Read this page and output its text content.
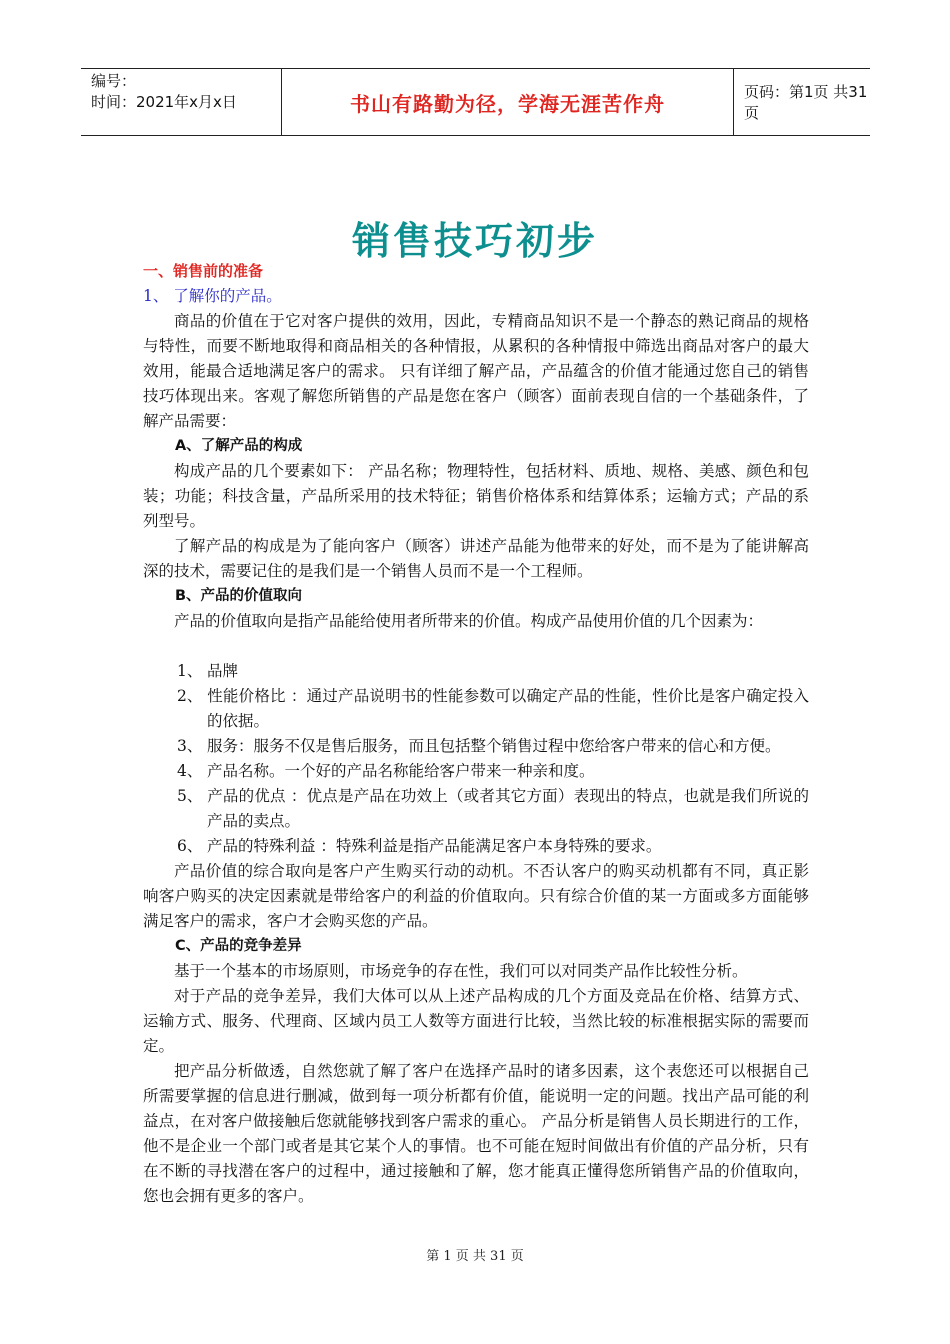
编号：
时间：2021年x月x日	书山有路勤为径，学海无涯苦作舟	页码：第1页 共31页
销售技巧初步

一、销售前的准备

1、 了解你的产品。

商品的价值在于它对客户提供的效用，因此，专精商品知识不是一个静态的熟记商品的规格与特性，而要不断地取得和商品相关的各种情报，从累积的各种情报中筛选出商品对客户的最大效用，能最合适地满足客户的需求。 只有详细了解产品，产品蕴含的价值才能通过您自己的销售技巧体现出来。客观了解您所销售的产品是您在客户（顾客）面前表现自信的一个基础条件，了解产品需要：

A、了解产品的构成

构成产品的几个要素如下： 产品名称；物理特性，包括材料、质地、规格、美感、颜色和包装；功能；科技含量，产品所采用的技术特征；销售价格体系和结算体系；运输方式；产品的系列型号。

了解产品的构成是为了能向客户（顾客）讲述产品能为他带来的好处，而不是为了能讲解高深的技术，需要记住的是我们是一个销售人员而不是一个工程师。

B、产品的价值取向

产品的价值取向是指产品能给使用者所带来的价值。构成产品使用价值的几个因素为：

1、 品牌

2、 性能价格比 ：通过产品说明书的性能参数可以确定产品的性能，性价比是客户确定投入的依据。

3、 服务：服务不仅是售后服务，而且包括整个销售过程中您给客户带来的信心和方便。

4、 产品名称。一个好的产品名称能给客户带来一种亲和度。

5、 产品的优点 ：优点是产品在功效上（或者其它方面）表现出的特点，也就是我们所说的产品的卖点。

6、 产品的特殊利益 ：特殊利益是指产品能满足客户本身特殊的要求。

产品价值的综合取向是客户产生购买行动的动机。不否认客户的购买动机都有不同，真正影响客户购买的决定因素就是带给客户的利益的价值取向。只有综合价值的某一方面或多方面能够满足客户的需求，客户才会购买您的产品。

C、产品的竞争差异

基于一个基本的市场原则，市场竞争的存在性，我们可以对同类产品作比较性分析。

对于产品的竞争差异，我们大体可以从上述产品构成的几个方面及竞品在价格、结算方式、运输方式、服务、代理商、区域内员工人数等方面进行比较，当然比较的标准根据实际的需要而定。

把产品分析做透，自然您就了解了客户在选择产品时的诸多因素，这个表您还可以根据自己所需要掌握的信息进行删减，做到每一项分析都有价值，能说明一定的问题。找出产品可能的利益点，在对客户做接触后您就能够找到客户需求的重心。 产品分析是销售人员长期进行的工作，他不是企业一个部门或者是其它某个人的事情。也不可能在短时间做出有价值的产品分析，只有在不断的寻找潜在客户的过程中，通过接触和了解，您才能真正懂得您所销售产品的价值取向，您也会拥有更多的客户。

第 1 页 共 31 页
